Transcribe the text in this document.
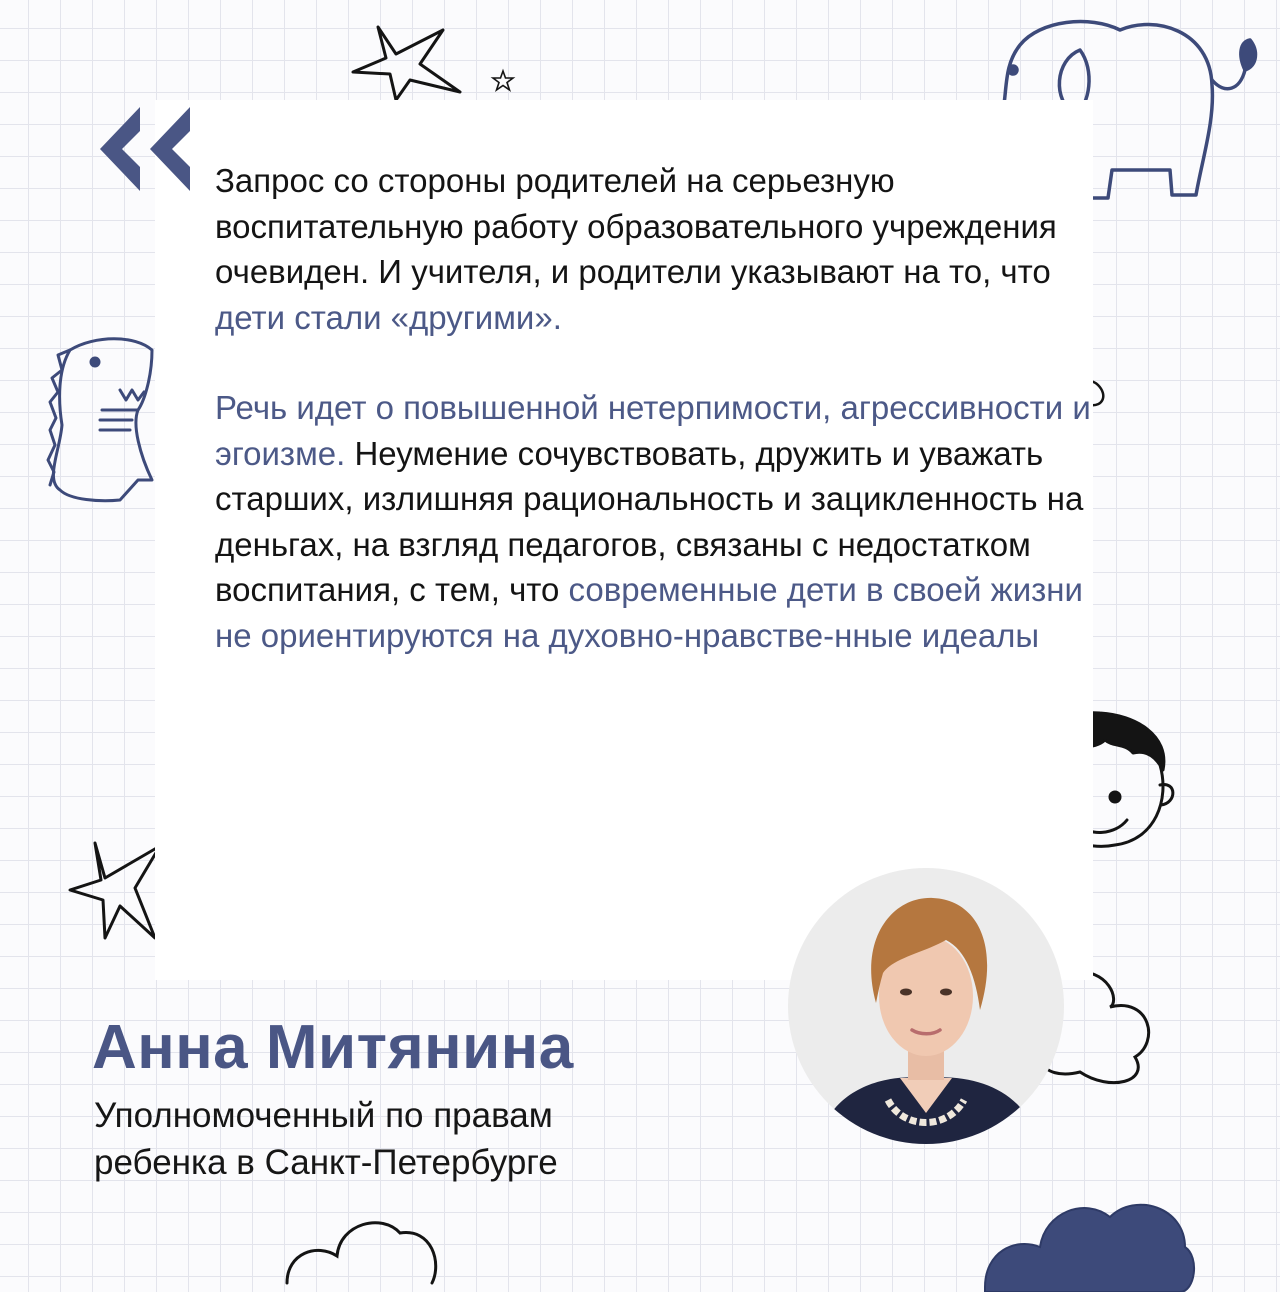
Запрос со стороны родителей на серьезную воспитательную работу образовательного учреждения очевиден. И учителя, и родители указывают на то, что дети стали «другими».

Речь идет о повышенной нетерпимости, агрессивности и эгоизме. Неумение сочувствовать, дружить и уважать старших, излишняя рациональность и зацикленность на деньгах, на взгляд педагогов, связаны с недостатком воспитания, с тем, что современные дети в своей жизни не ориентируются на духовно-нравстве-нные идеалы

Анна Митянина
Уполномоченный по правам
ребенка в Санкт-Петербурге
